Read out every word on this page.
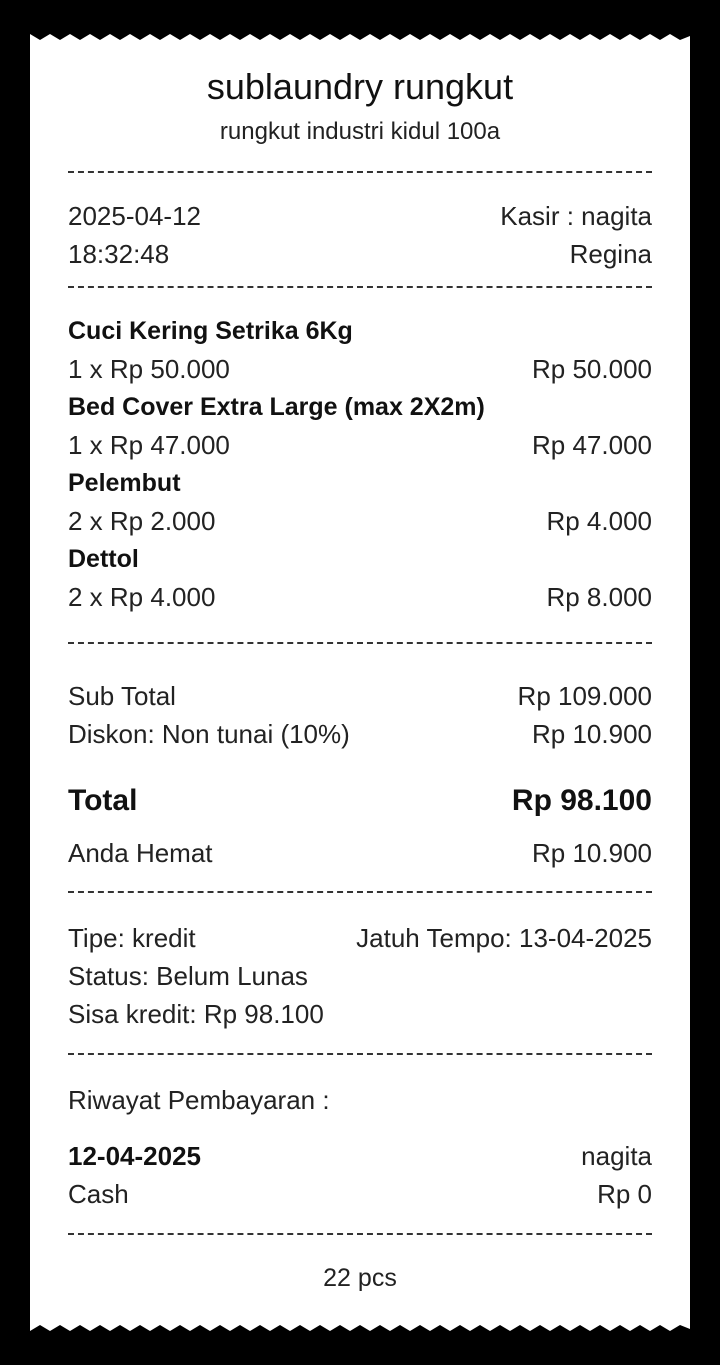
sublaundry rungkut
rungkut industri kidul 100a
2025-04-12	Kasir : nagita
18:32:48	Regina
Cuci Kering Setrika 6Kg
1 x Rp 50.000	Rp 50.000
Bed Cover Extra Large (max 2X2m)
1 x Rp 47.000	Rp 47.000
Pelembut
2 x Rp 2.000	Rp 4.000
Dettol
2 x Rp 4.000	Rp 8.000
Sub Total	Rp 109.000
Diskon: Non tunai (10%)	Rp 10.900
Total	Rp 98.100
Anda Hemat	Rp 10.900
Tipe: kredit	Jatuh Tempo: 13-04-2025
Status: Belum Lunas
Sisa kredit: Rp 98.100
Riwayat Pembayaran :
12-04-2025	nagita
Cash	Rp 0
22 pcs
